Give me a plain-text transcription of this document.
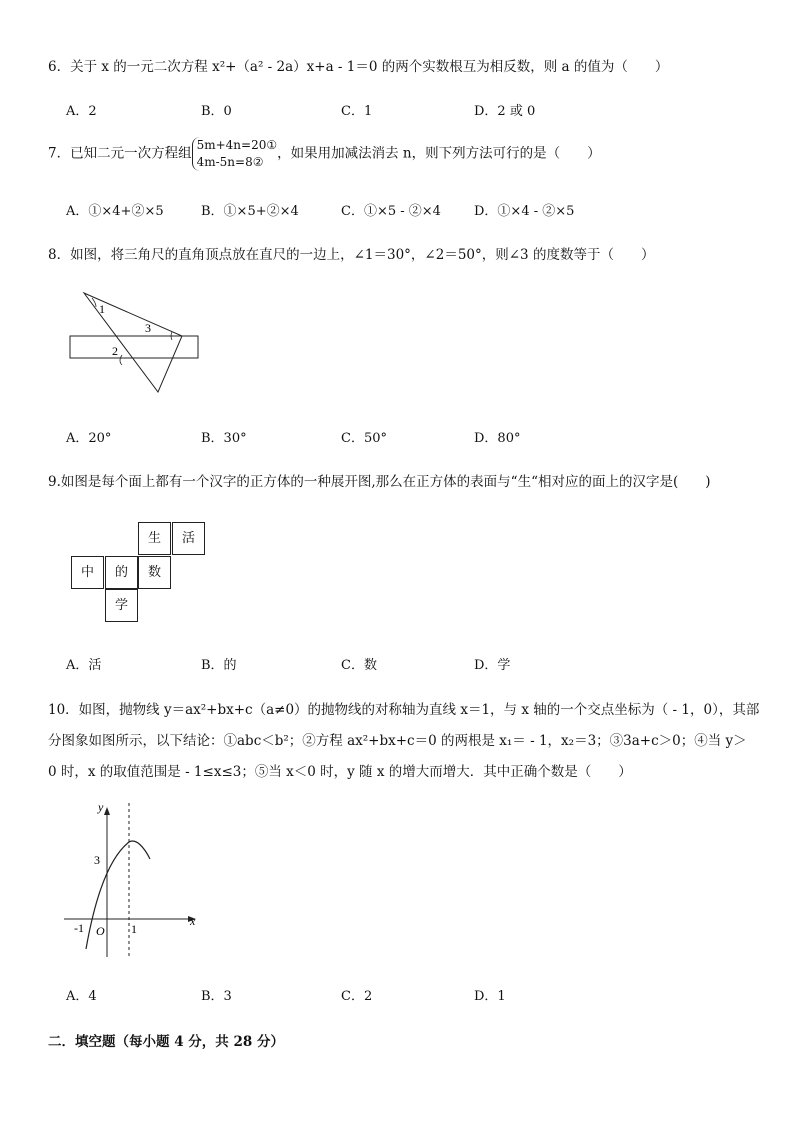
6．关于 x 的一元二次方程 x²+（a² - 2a）x+a - 1＝0 的两个实数根互为相反数，则 a 的值为（　　）
A．2	B．0	C．1	D．2 或 0
7．已知二元一次方程组5m+4n=20①
4m-5n=8②，如果用加减法消去 n，则下列方法可行的是（　　）
A．①×4+②×5	B．①×5+②×4	C．①×5 - ②×4	D．①×4 - ②×5
8．如图，将三角尺的直角顶点放在直尺的一边上，∠1＝30°，∠2＝50°，则∠3 的度数等于（　　）
1
2
3
A．20°	B．30°	C．50°	D．80°
9.如图是每个面上都有一个汉字的正方体的一种展开图,那么在正方体的表面与“生“相对应的面上的汉字是(　　)
生	活
中	的	数
学
A．活	B．的	C．数	D．学
10．如图，抛物线 y＝ax²+bx+c（a≠0）的抛物线的对称轴为直线 x＝1，与 x 轴的一个交点坐标为（ - 1，0），其部
分图象如图所示，以下结论：①abc＜b²；②方程 ax²+bx+c＝0 的两根是 x₁＝ - 1，x₂＝3；③3a+c＞0；④当 y＞
0 时，x 的取值范围是 - 1≤x≤3；⑤当 x＜0 时，y 随 x 的增大而增大．其中正确个数是（　　）
y
x
3
-1 O 1
A．4	B．3	C．2	D．1
二．填空题（每小题 4 分，共 28 分）
